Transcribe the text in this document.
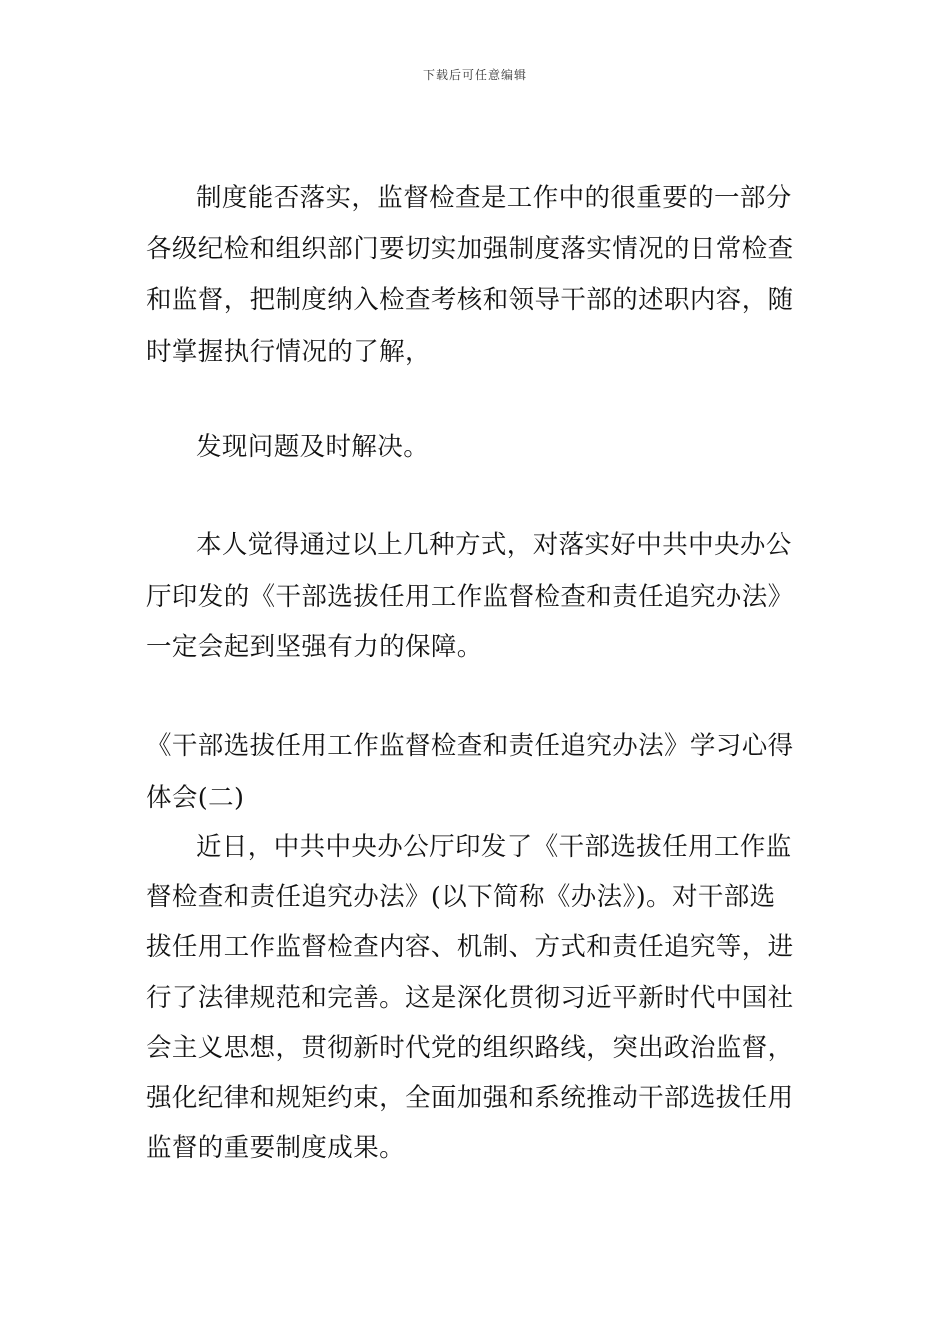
下载后可任意编辑
制度能否落实，监督检查是工作中的很重要的一部分
各级纪检和组织部门要切实加强制度落实情况的日常检查
和监督，把制度纳入检查考核和领导干部的述职内容，随
时掌握执行情况的了解，
发现问题及时解决。
本人觉得通过以上几种方式，对落实好中共中央办公
厅印发的《干部选拔任用工作监督检查和责任追究办法》
一定会起到坚强有力的保障。
《干部选拔任用工作监督检查和责任追究办法》学习心得
体会(二)
近日，中共中央办公厅印发了《干部选拔任用工作监
督检查和责任追究办法》(以下简称《办法》)。对干部选
拔任用工作监督检查内容、机制、方式和责任追究等，进
行了法律规范和完善。这是深化贯彻习近平新时代中国社
会主义思想，贯彻新时代党的组织路线，突出政治监督，
强化纪律和规矩约束，全面加强和系统推动干部选拔任用
监督的重要制度成果。
